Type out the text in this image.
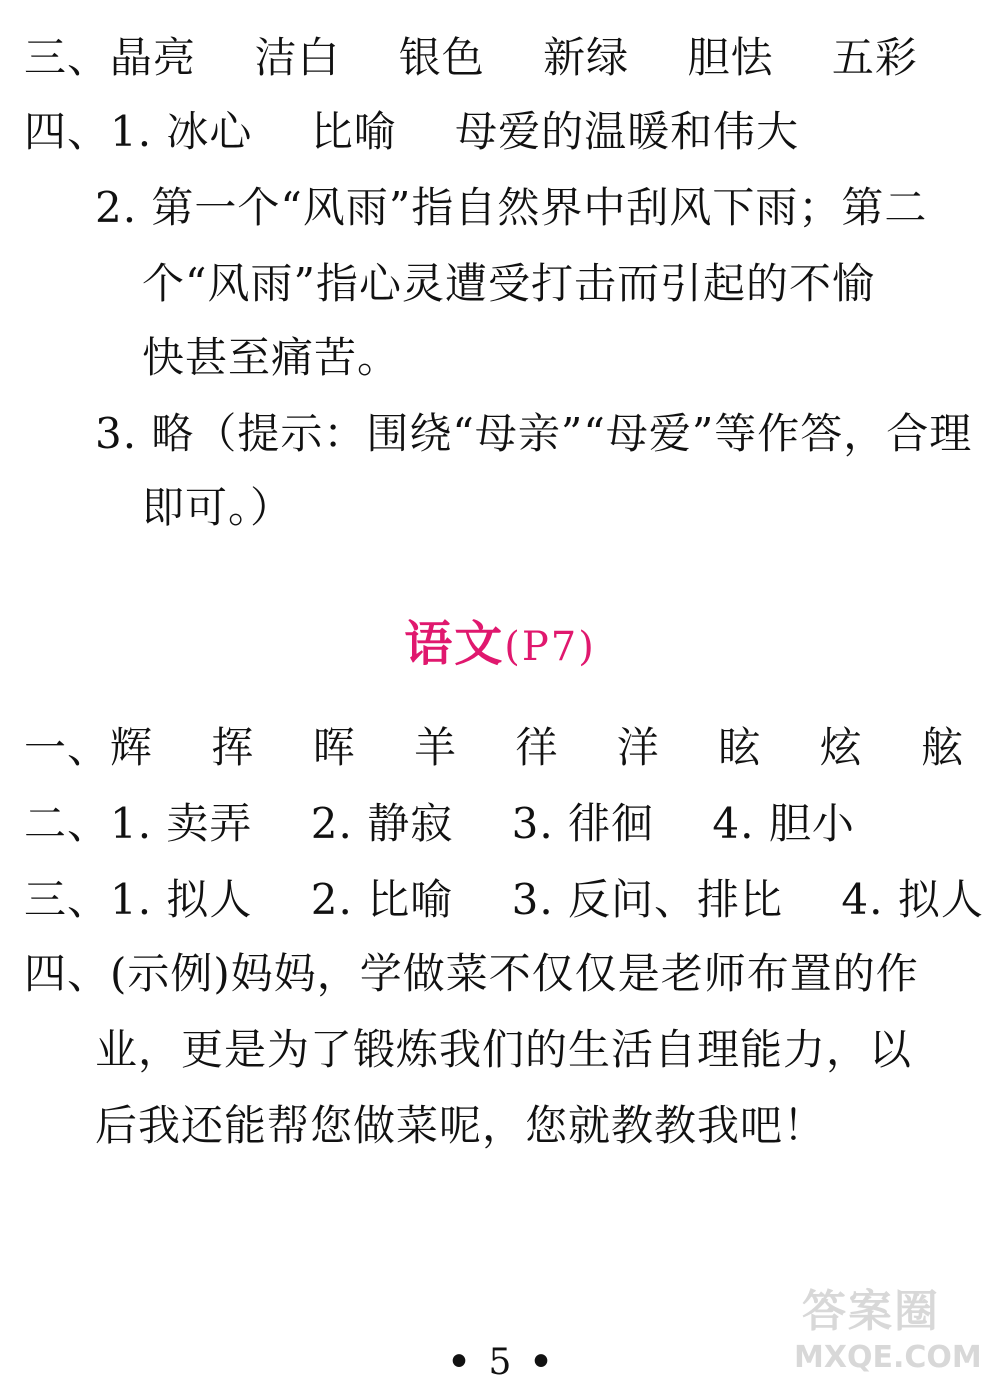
三、晶亮 洁白 银色 新绿 胆怯 五彩
四、1. 冰心 比喻 母爱的温暖和伟大
2. 第一个“风雨”指自然界中刮风下雨；第二
个“风雨”指心灵遭受打击而引起的不愉
快甚至痛苦。
3. 略（提示：围绕“母亲”“母爱”等作答，合理
即可。）
语文(P7)
一、辉 挥 晖 羊 徉 洋 眩 炫 舷
二、1. 卖弄 2. 静寂 3. 徘徊 4. 胆小
三、1. 拟人 2. 比喻 3. 反问、排比 4. 拟人
四、(示例)妈妈，学做菜不仅仅是老师布置的作
业，更是为了锻炼我们的生活自理能力，以
后我还能帮您做菜呢，您就教教我吧！
• 5 •
答案圈
MXQE.COM
